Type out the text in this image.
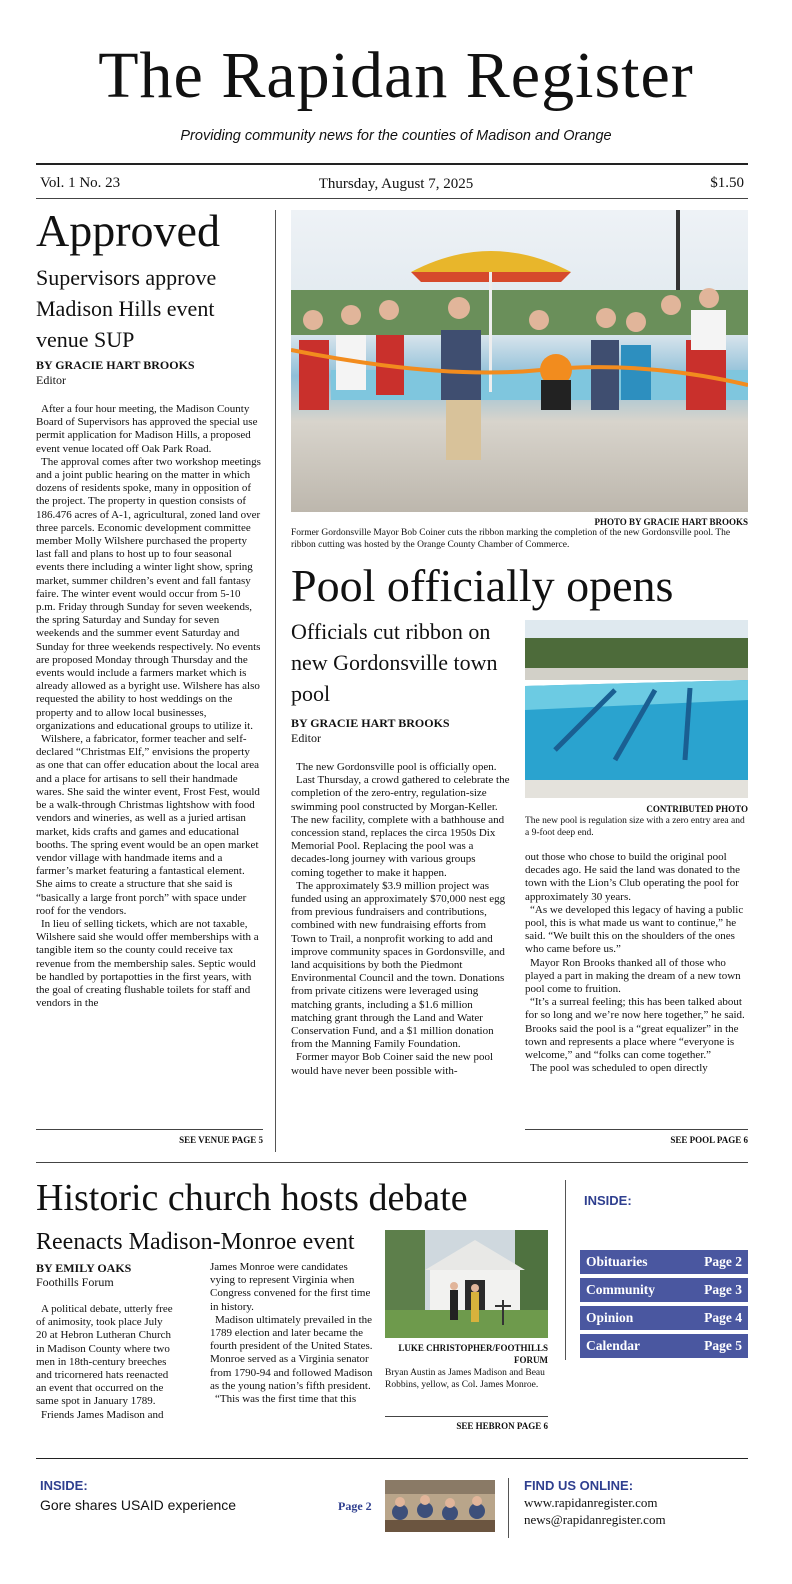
The Rapidan Register
Providing community news for the counties of Madison and Orange
Vol. 1 No. 23	Thursday, August 7, 2025	$1.50
Approved
Supervisors approve Madison Hills event venue SUP
BY GRACIE HART BROOKS
Editor

After a four hour meeting, the Madison County Board of Supervisors has approved the special use permit application for Madison Hills, a proposed event venue located off Oak Park Road.

The approval comes after two workshop meetings and a joint public hearing on the matter in which dozens of residents spoke, many in opposition of the project. The property in question consists of 186.476 acres of A-1, agricultural, zoned land over three parcels. Economic development committee member Molly Wilshere purchased the property last fall and plans to host up to four seasonal events there including a winter light show, spring market, summer children’s event and fall fantasy faire. The winter event would occur from 5-10 p.m. Friday through Sunday for seven weekends, the spring Saturday and Sunday for seven weekends and the summer event Saturday and Sunday for three weekends respectively. No events are proposed Monday through Thursday and the events would include a farmers market which is already allowed as a byright use. Wilshere has also requested the ability to host weddings on the property and to allow local businesses, organizations and educational groups to utilize it.

Wilshere, a fabricator, former teacher and self-declared “Christmas Elf,” envisions the property as one that can offer education about the local area and a place for artisans to sell their handmade wares. She said the winter event, Frost Fest, would be a walk-through Christmas lightshow with food vendors and wineries, as well as a juried artisan market, kids crafts and games and educational booths. The spring event would be an open market vendor village with handmade items and a farmer’s market featuring a fantastical element. She aims to create a structure that she said is “basically a large front porch” with space under roof for the vendors.

In lieu of selling tickets, which are not taxable, Wilshere said she would offer memberships with a tangible item so the county could receive tax revenue from the membership sales. Septic would be handled by portapotties in the first years, with the goal of creating flushable toilets for staff and vendors in the

SEE VENUE PAGE 5
PHOTO BY GRACIE HART BROOKS
Former Gordonsville Mayor Bob Coiner cuts the ribbon marking the completion of the new Gordonsville pool. The ribbon cutting was hosted by the Orange County Chamber of Commerce.
Pool officially opens
Officials cut ribbon on new Gordonsville town pool
BY GRACIE HART BROOKS
Editor

The new Gordonsville pool is officially open.

Last Thursday, a crowd gathered to celebrate the completion of the zero-entry, regulation-size swimming pool constructed by Morgan-Keller. The new facility, complete with a bathhouse and concession stand, replaces the circa 1950s Dix Memorial Pool. Replacing the pool was a decades-long journey with various groups coming together to make it happen.

The approximately $3.9 million project was funded using an approximately $70,000 nest egg from previous fundraisers and contributions, combined with new fundraising efforts from Town to Trail, a nonprofit working to add and improve community spaces in Gordonsville, and land acquisitions by both the Piedmont Environmental Council and the town. Donations from private citizens were leveraged using matching grants, including a $1.6 million matching grant through the Land and Water Conservation Fund, and a $1 million donation from the Manning Family Foundation.

Former mayor Bob Coiner said the new pool would have never been possible with-

CONTRIBUTED PHOTO
The new pool is regulation size with a zero entry area and a 9-foot deep end.

out those who chose to build the original pool decades ago. He said the land was donated to the town with the Lion’s Club operating the pool for approximately 30 years.

“As we developed this legacy of having a public pool, this is what made us want to continue,” he said. “We built this on the shoulders of the ones who came before us.”

Mayor Ron Brooks thanked all of those who played a part in making the dream of a new town pool come to fruition.

“It’s a surreal feeling; this has been talked about for so long and we’re now here together,” he said. Brooks said the pool is a “great equalizer” in the town and represents a place where “everyone is welcome,” and “folks can come together.”

The pool was scheduled to open directly

SEE POOL PAGE 6
Historic church hosts debate
Reenacts Madison-Monroe event
BY EMILY OAKS
Foothills Forum

A political debate, utterly free of animosity, took place July 20 at Hebron Lutheran Church in Madison County where two men in 18th-century breeches and tricornered hats reenacted an event that occurred on the same spot in January 1789.

Friends James Madison and

James Monroe were candidates vying to represent Virginia when Congress convened for the first time in history.

Madison ultimately prevailed in the 1789 election and later became the fourth president of the United States. Monroe served as a Virginia senator from 1790-94 and followed Madison as the young nation’s fifth president.

“This was the first time that this

LUKE CHRISTOPHER/FOOTHILLS FORUM
Bryan Austin as James Madison and Beau Robbins, yellow, as Col. James Monroe.
SEE HEBRON PAGE 6
INSIDE:
Obituaries	Page 2
Community	Page 3
Opinion	Page 4
Calendar	Page 5
INSIDE:
Gore shares USAID experience	Page 2
FIND US ONLINE:
www.rapidanregister.com
news@rapidanregister.com
